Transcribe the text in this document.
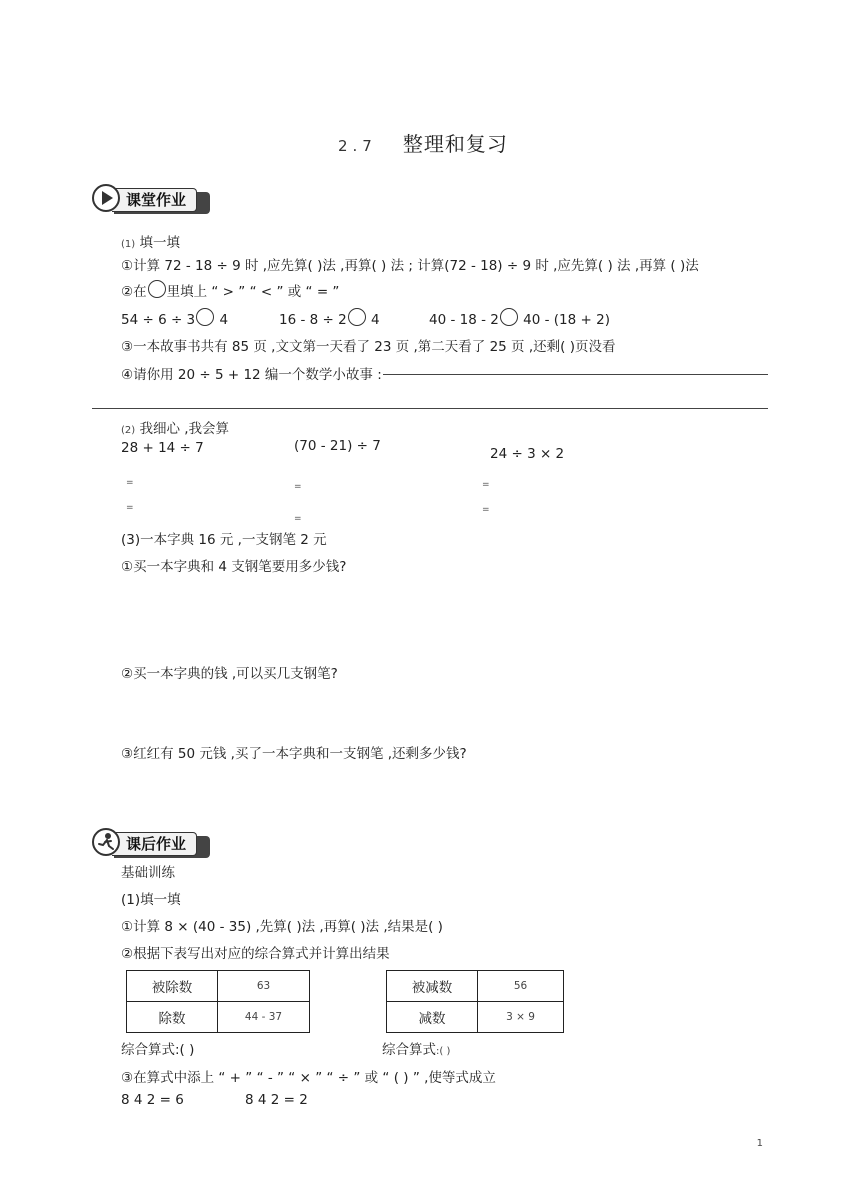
2.7 整理和复习
课堂作业
(1) 填一填
①计算 72 - 18 ÷ 9 时 ,应先算( )法 ,再算( ) 法 ; 计算(72 - 18) ÷ 9 时 ,应先算( ) 法 ,再算 ( )法
②在 里填上 “ > ” “ < ” 或 “ = ”
54 ÷ 6 ÷ 3 4	16 - 8 ÷ 2 4	40 - 18 - 2 40 - (18 + 2)
③一本故事书共有 85 页 ,文文第一天看了 23 页 ,第二天看了 25 页 ,还剩( )页没看
④请你用 20 ÷ 5 + 12 编一个数学小故事 :
(2) 我细心 ,我会算
28 + 14 ÷ 7	(70 - 21) ÷ 7	24 ÷ 3 × 2
=
=
=
=
=
=
(3)一本字典 16 元 ,一支钢笔 2 元
①买一本字典和 4 支钢笔要用多少钱?
②买一本字典的钱 ,可以买几支钢笔?
③红红有 50 元钱 ,买了一本字典和一支钢笔 ,还剩多少钱?
课后作业
基础训练
(1)填一填
①计算 8 × (40 - 35) ,先算( )法 ,再算( )法 ,结果是( )
②根据下表写出对应的综合算式并计算出结果
被除数	63
除数	44 - 37
被减数	56
减数	3 × 9
综合算式:( )	综合算式:( )
③在算式中添上 “ + ” “ - ” “ × ” “ ÷ ” 或 “ ( ) ” ,使等式成立
8 4 2 = 6	8 4 2 = 2
1
